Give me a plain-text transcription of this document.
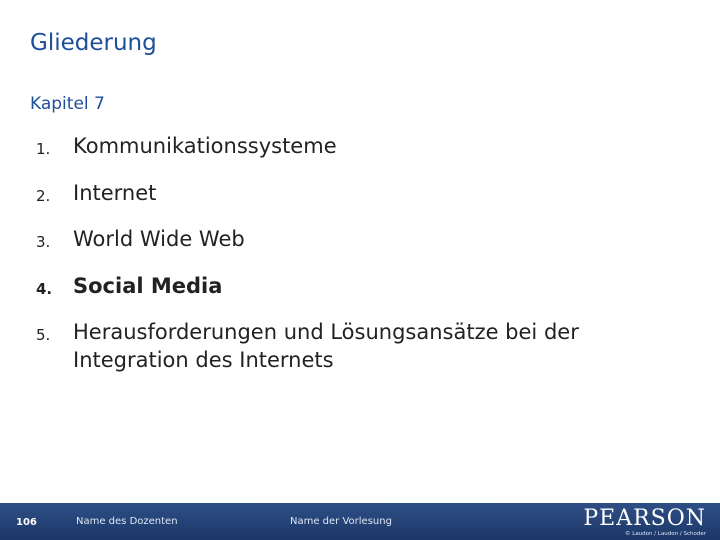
Gliederung
Kapitel 7
1.	Kommunikationssysteme
2.	Internet
3.	World Wide Web
4. Social Media
5.	Herausforderungen und Lösungsansätze bei der Integration des Internets
106	Name des Dozenten	Name der Vorlesung	PEARSON
© Laudon / Laudon / Schoder
